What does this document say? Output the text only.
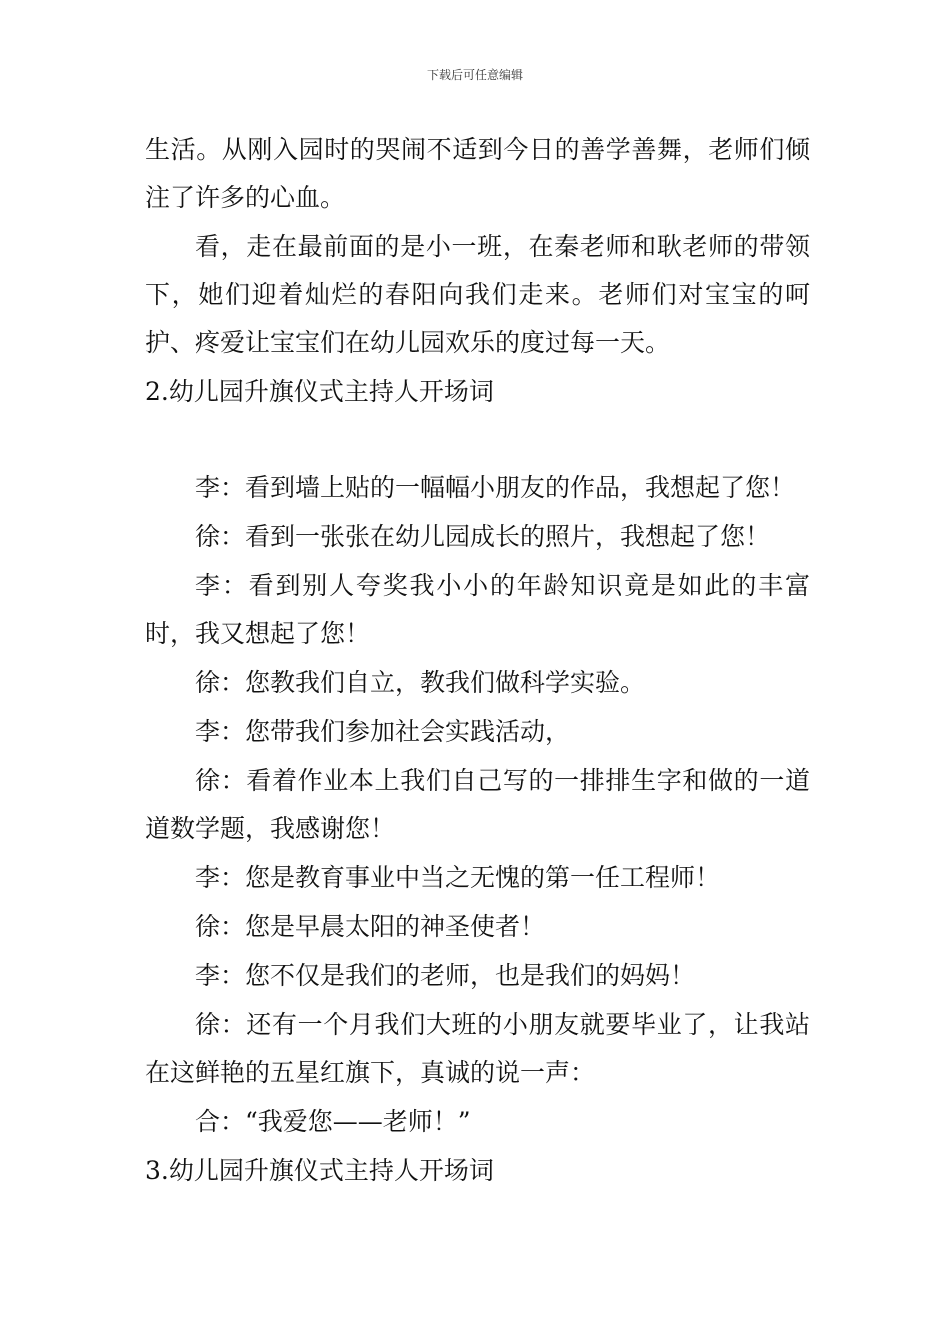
下载后可任意编辑

生活。从刚入园时的哭闹不适到今日的善学善舞，老师们倾注了许多的心血。

看，走在最前面的是小一班，在秦老师和耿老师的带领下，她们迎着灿烂的春阳向我们走来。老师们对宝宝的呵护、疼爱让宝宝们在幼儿园欢乐的度过每一天。

2.幼儿园升旗仪式主持人开场词

李：看到墙上贴的一幅幅小朋友的作品，我想起了您！

徐：看到一张张在幼儿园成长的照片，我想起了您！

李：看到别人夸奖我小小的年龄知识竟是如此的丰富时，我又想起了您！

徐：您教我们自立，教我们做科学实验。

李：您带我们参加社会实践活动，

徐：看着作业本上我们自己写的一排排生字和做的一道道数学题，我感谢您！

李：您是教育事业中当之无愧的第一任工程师！

徐：您是早晨太阳的神圣使者！

李：您不仅是我们的老师，也是我们的妈妈！

徐：还有一个月我们大班的小朋友就要毕业了，让我站在这鲜艳的五星红旗下，真诚的说一声：

合：“我爱您——老师！”

3.幼儿园升旗仪式主持人开场词
